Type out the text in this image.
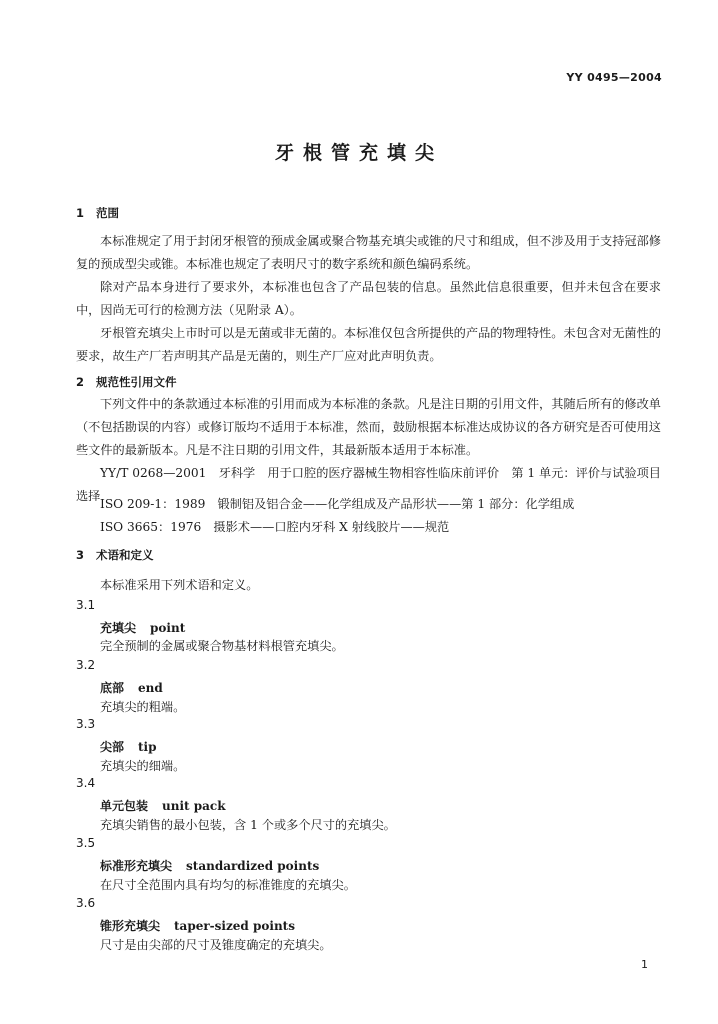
YY 0495—2004
牙根管充填尖
1 范围
本标准规定了用于封闭牙根管的预成金属或聚合物基充填尖或锥的尺寸和组成，但不涉及用于支持冠部修复的预成型尖或锥。本标准也规定了表明尺寸的数字系统和颜色编码系统。
除对产品本身进行了要求外，本标准也包含了产品包装的信息。虽然此信息很重要，但并未包含在要求中，因尚无可行的检测方法（见附录 A）。
牙根管充填尖上市时可以是无菌或非无菌的。本标准仅包含所提供的产品的物理特性。未包含对无菌性的要求，故生产厂若声明其产品是无菌的，则生产厂应对此声明负责。
2 规范性引用文件
下列文件中的条款通过本标准的引用而成为本标准的条款。凡是注日期的引用文件，其随后所有的修改单（不包括勘误的内容）或修订版均不适用于本标准，然而，鼓励根据本标准达成协议的各方研究是否可使用这些文件的最新版本。凡是不注日期的引用文件，其最新版本适用于本标准。
YY/T 0268—2001　牙科学　用于口腔的医疗器械生物相容性临床前评价　第 1 单元：评价与试验项目选择
ISO 209-1：1989　锻制铝及铝合金——化学组成及产品形状——第 1 部分：化学组成
ISO 3665：1976　摄影术——口腔内牙科 X 射线胶片——规范
3 术语和定义
本标准采用下列术语和定义。
3.1
充填尖 point
完全预制的金属或聚合物基材料根管充填尖。
3.2
底部 end
充填尖的粗端。
3.3
尖部 tip
充填尖的细端。
3.4
单元包装 unit pack
充填尖销售的最小包装，含 1 个或多个尺寸的充填尖。
3.5
标准形充填尖 standardized points
在尺寸全范围内具有均匀的标准锥度的充填尖。
3.6
锥形充填尖 taper-sized points
尺寸是由尖部的尺寸及锥度确定的充填尖。
1
